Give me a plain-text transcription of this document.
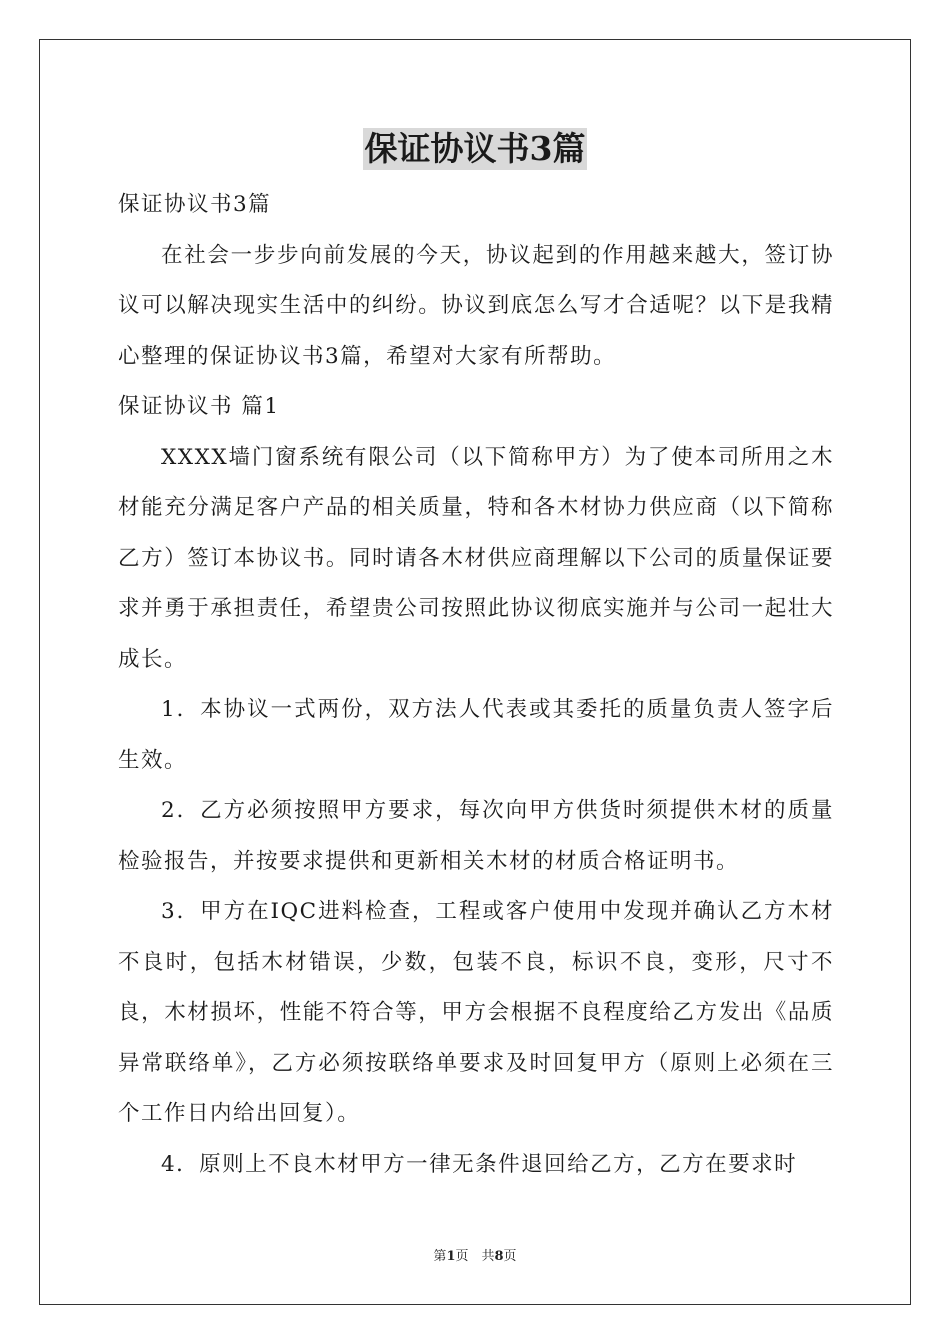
保证协议书3篇

保证协议书3篇

在社会一步步向前发展的今天，协议起到的作用越来越大，签订协议可以解决现实生活中的纠纷。协议到底怎么写才合适呢？以下是我精心整理的保证协议书3篇，希望对大家有所帮助。

保证协议书 篇1

XXXX墙门窗系统有限公司（以下简称甲方）为了使本司所用之木材能充分满足客户产品的相关质量，特和各木材协力供应商（以下简称乙方）签订本协议书。同时请各木材供应商理解以下公司的质量保证要求并勇于承担责任，希望贵公司按照此协议彻底实施并与公司一起壮大成长。

1．本协议一式两份，双方法人代表或其委托的质量负责人签字后生效。

2．乙方必须按照甲方要求，每次向甲方供货时须提供木材的质量检验报告，并按要求提供和更新相关木材的材质合格证明书。

3．甲方在IQC进料检查，工程或客户使用中发现并确认乙方木材不良时，包括木材错误，少数，包装不良，标识不良，变形，尺寸不良，木材损坏，性能不符合等，甲方会根据不良程度给乙方发出《品质异常联络单》，乙方必须按联络单要求及时回复甲方（原则上必须在三个工作日内给出回复）。

4．原则上不良木材甲方一律无条件退回给乙方，乙方在要求时

第1页　共8页
